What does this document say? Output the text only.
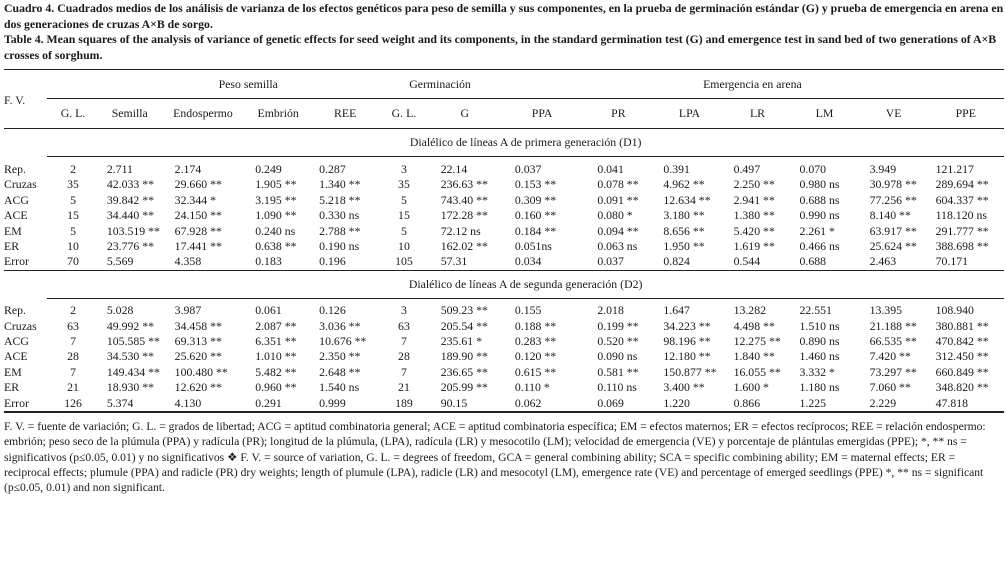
Cuadro 4. Cuadrados medios de los análisis de varianza de los efectos genéticos para peso de semilla y sus componentes, en la prueba de germinación estándar (G) y prueba de emergencia en arena en dos generaciones de cruzas A×B de sorgo.

Table 4. Mean squares of the analysis of variance of genetic effects for seed weight and its components, in the standard germination test (G) and emergence test in sand bed of two generations of A×B crosses of sorghum.

F. V.	Peso semilla					Germinación		Emergencia en arena						
	G. L.	Semilla	Endospermo	Embrión	REE	G. L.	G	PPA	PR	LPA	LR	LM	VE	PPE
	Dialélico de líneas A de primera generación (D1)													

Rep.	2	2.711	2.174	0.249	0.287	3	22.14	0.037	0.041	0.391	0.497	0.070	3.949	121.217
Cruzas	35	42.033 **	29.660 **	1.905 **	1.340 **	35	236.63 **	0.153 **	0.078 **	4.962 **	2.250 **	0.980 ns	30.978 **	289.694 **
ACG	5	39.842 **	32.344 *	3.195 **	5.218 **	5	743.40 **	0.309 **	0.091 **	12.634 **	2.941 **	0.688 ns	77.256 **	604.337 **
ACE	15	34.440 **	24.150 **	1.090 **	0.330 ns	15	172.28 **	0.160 **	0.080 *	3.180 **	1.380 **	0.990 ns	8.140 **	118.120 ns
EM	5	103.519 **	67.928 **	0.240 ns	2.788 **	5	72.12 ns	0.184 **	0.094 **	8.656 **	5.420 **	2.261 *	63.917 **	291.777 **
ER	10	23.776 **	17.441 **	0.638 **	0.190 ns	10	162.02 **	0.051ns	0.063 ns	1.950 **	1.619 **	0.466 ns	25.624 **	388.698 **
Error	70	5.569	4.358	0.183	0.196	105	57.31	0.034	0.037	0.824	0.544	0.688	2.463	70.171
	Dialélico de líneas A de segunda generación (D2)													

Rep.	2	5.028	3.987	0.061	0.126	3	509.23 **	0.155	2.018	1.647	13.282	22.551	13.395	108.940
Cruzas	63	49.992 **	34.458 **	2.087 **	3.036 **	63	205.54 **	0.188 **	0.199 **	34.223 **	4.498 **	1.510 ns	21.188 **	380.881 **
ACG	7	105.585 **	69.313 **	6.351 **	10.676 **	7	235.61 *	0.283 **	0.520 **	98.196 **	12.275 **	0.890 ns	66.535 **	470.842 **
ACE	28	34.530 **	25.620 **	1.010 **	2.350 **	28	189.90 **	0.120 **	0.090 ns	12.180 **	1.840 **	1.460 ns	7.420 **	312.450 **
EM	7	149.434 **	100.480 **	5.482 **	2.648 **	7	236.65 **	0.615 **	0.581 **	150.877 **	16.055 **	3.332 *	73.297 **	660.849 **
ER	21	18.930 **	12.620 **	0.960 **	1.540 ns	21	205.99 **	0.110 *	0.110 ns	3.400 **	1.600 *	1.180 ns	7.060 **	348.820 **
Error	126	5.374	4.130	0.291	0.999	189	90.15	0.062	0.069	1.220	0.866	1.225	2.229	47.818

F. V. = fuente de variación; G. L. = grados de libertad; ACG = aptitud combinatoria general; ACE = aptitud combinatoria específica; EM = efectos maternos; ER = efectos recíprocos; REE = relación endospermo: embrión; peso seco de la plúmula (PPA) y radícula (PR); longitud de la plúmula, (LPA), radícula (LR) y mesocotilo (LM); velocidad de emergencia (VE) y porcentaje de plántulas emergidas (PPE); *, ** ns = significativos (p≤0.05, 0.01) y no significativos ❖ F. V. = source of variation, G. L. = degrees of freedom, GCA = general combining ability; SCA = specific combining ability; EM = maternal effects; ER = reciprocal effects; plumule (PPA) and radicle (PR) dry weights; length of plumule (LPA), radicle (LR) and mesocotyl (LM), emergence rate (VE) and percentage of emerged seedlings (PPE) *, ** ns = significant (p≤0.05, 0.01) and non significant.
